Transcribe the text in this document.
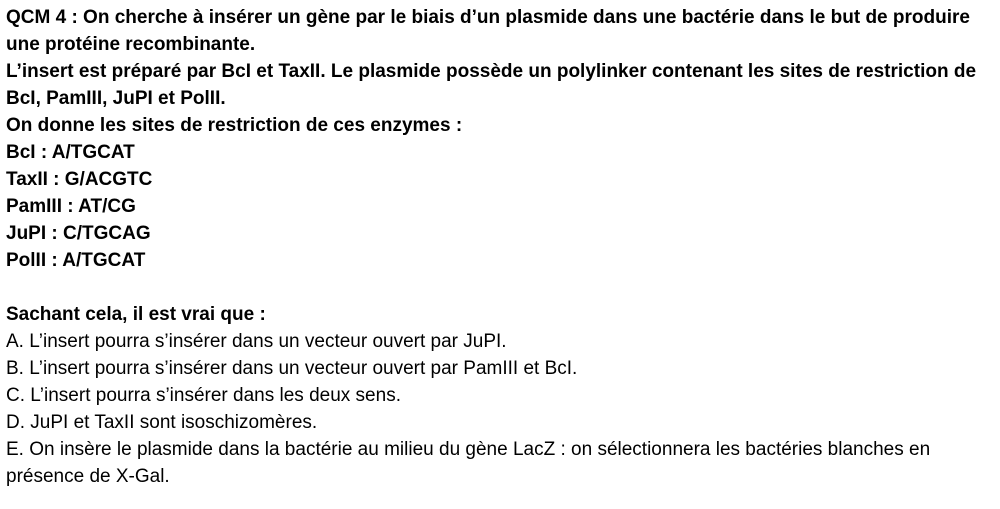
QCM 4 : On cherche à insérer un gène par le biais d’un plasmide dans une bactérie dans le but de produire
une protéine recombinante.
L’insert est préparé par BcI et TaxII. Le plasmide possède un polylinker contenant les sites de restriction de
BcI, PamIII, JuPI et PolII.
On donne les sites de restriction de ces enzymes :
BcI : A/TGCAT
TaxII : G/ACGTC
PamIII : AT/CG
JuPI : C/TGCAG
PolII : A/TGCAT
Sachant cela, il est vrai que :
A. L’insert pourra s’insérer dans un vecteur ouvert par JuPI.
B. L’insert pourra s’insérer dans un vecteur ouvert par PamIII et BcI.
C. L’insert pourra s’insérer dans les deux sens.
D. JuPI et TaxII sont isoschizomères.
E. On insère le plasmide dans la bactérie au milieu du gène LacZ : on sélectionnera les bactéries blanches en
présence de X-Gal.
